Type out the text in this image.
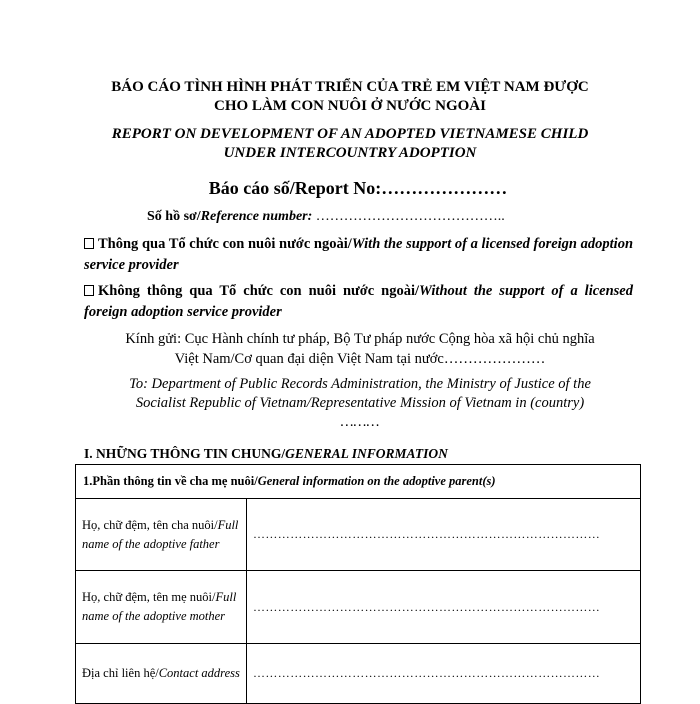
BÁO CÁO TÌNH HÌNH PHÁT TRIỂN CỦA TRẺ EM VIỆT NAM ĐƯỢC
CHO LÀM CON NUÔI Ở NƯỚC NGOÀI
REPORT ON DEVELOPMENT OF AN ADOPTED VIETNAMESE CHILD
UNDER INTERCOUNTRY ADOPTION
Báo cáo số/Report No:…………………
Số hồ sơ/Reference number: …………………………………..
Thông qua Tổ chức con nuôi nước ngoài/With the support of a licensed foreign adoption service provider
Không thông qua Tổ chức con nuôi nước ngoài/Without the support of a licensed foreign adoption service provider
Kính gửi: Cục Hành chính tư pháp, Bộ Tư pháp nước Cộng hòa xã hội chủ nghĩa
Việt Nam/Cơ quan đại diện Việt Nam tại nước…………………
To: Department of Public Records Administration, the Ministry of Justice of the
Socialist Republic of Vietnam/Representative Mission of Vietnam in (country)
………
I. NHỮNG THÔNG TIN CHUNG/GENERAL INFORMATION
1.Phần thông tin về cha mẹ nuôi/General information on the adoptive parent(s)	
Họ, chữ đệm, tên cha nuôi/Full name of the adoptive father	…………………………………………………………………………
Họ, chữ đệm, tên mẹ nuôi/Full name of the adoptive mother	…………………………………………………………………………
Địa chỉ liên hệ/Contact address	…………………………………………………………………………
